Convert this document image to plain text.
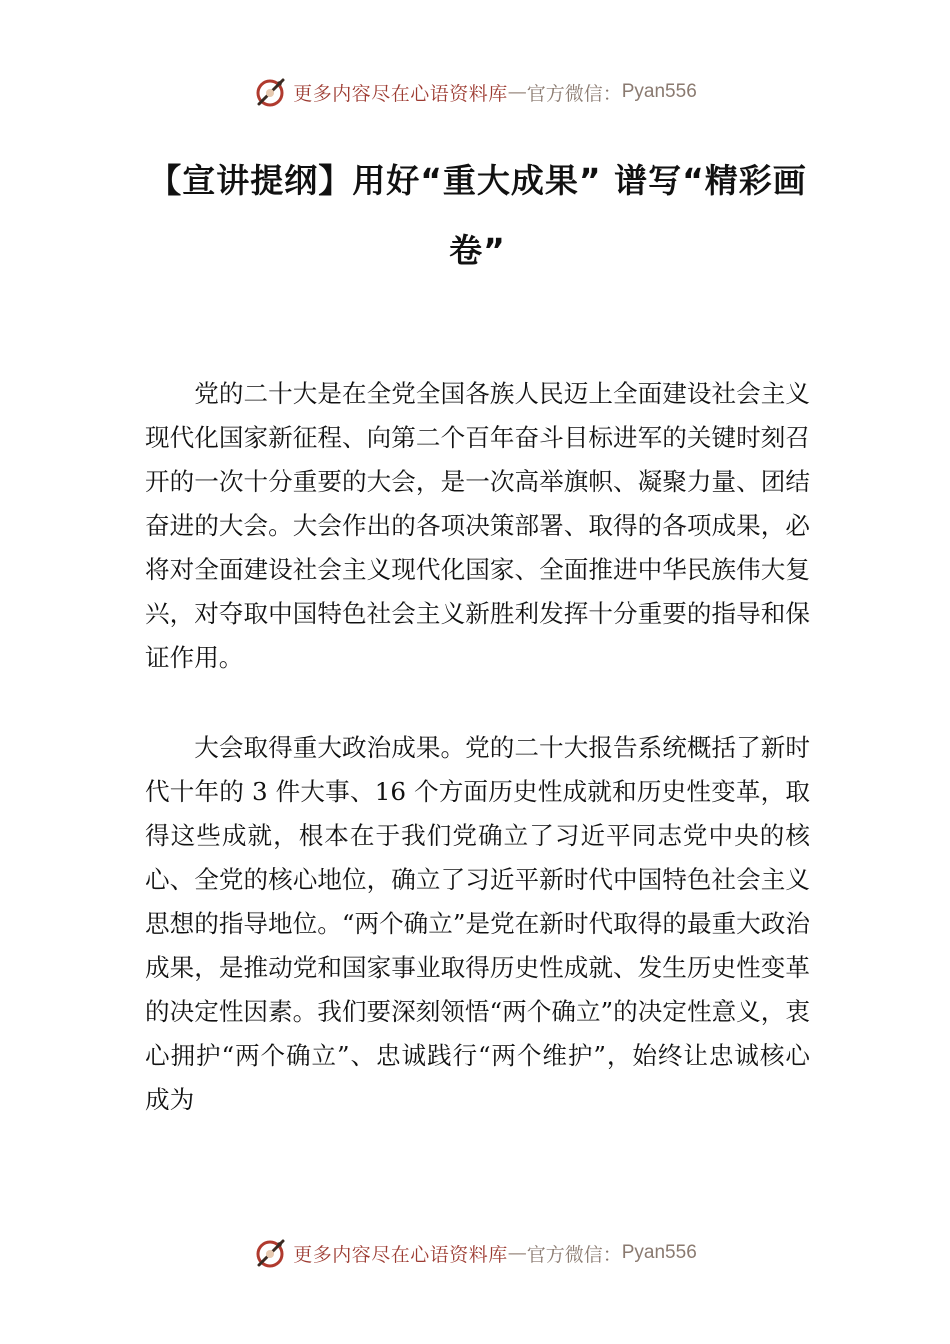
更多内容尽在心语资料库 — 官方微信： Pyan556
【宣讲提纲】用好“重大成果” 谱写“精彩画卷”

党的二十大是在全党全国各族人民迈上全面建设社会主义现代化国家新征程、向第二个百年奋斗目标进军的关键时刻召开的一次十分重要的大会，是一次高举旗帜、凝聚力量、团结奋进的大会。大会作出的各项决策部署、取得的各项成果，必将对全面建设社会主义现代化国家、全面推进中华民族伟大复兴，对夺取中国特色社会主义新胜利发挥十分重要的指导和保证作用。

大会取得重大政治成果。党的二十大报告系统概括了新时代十年的 3 件大事、16 个方面历史性成就和历史性变革，取得这些成就，根本在于我们党确立了习近平同志党中央的核心、全党的核心地位，确立了习近平新时代中国特色社会主义思想的指导地位。“两个确立”是党在新时代取得的最重大政治成果，是推动党和国家事业取得历史性成就、发生历史性变革的决定性因素。我们要深刻领悟“两个确立”的决定性意义，衷心拥护“两个确立”、忠诚践行“两个维护”，始终让忠诚核心成为

更多内容尽在心语资料库 — 官方微信： Pyan556
